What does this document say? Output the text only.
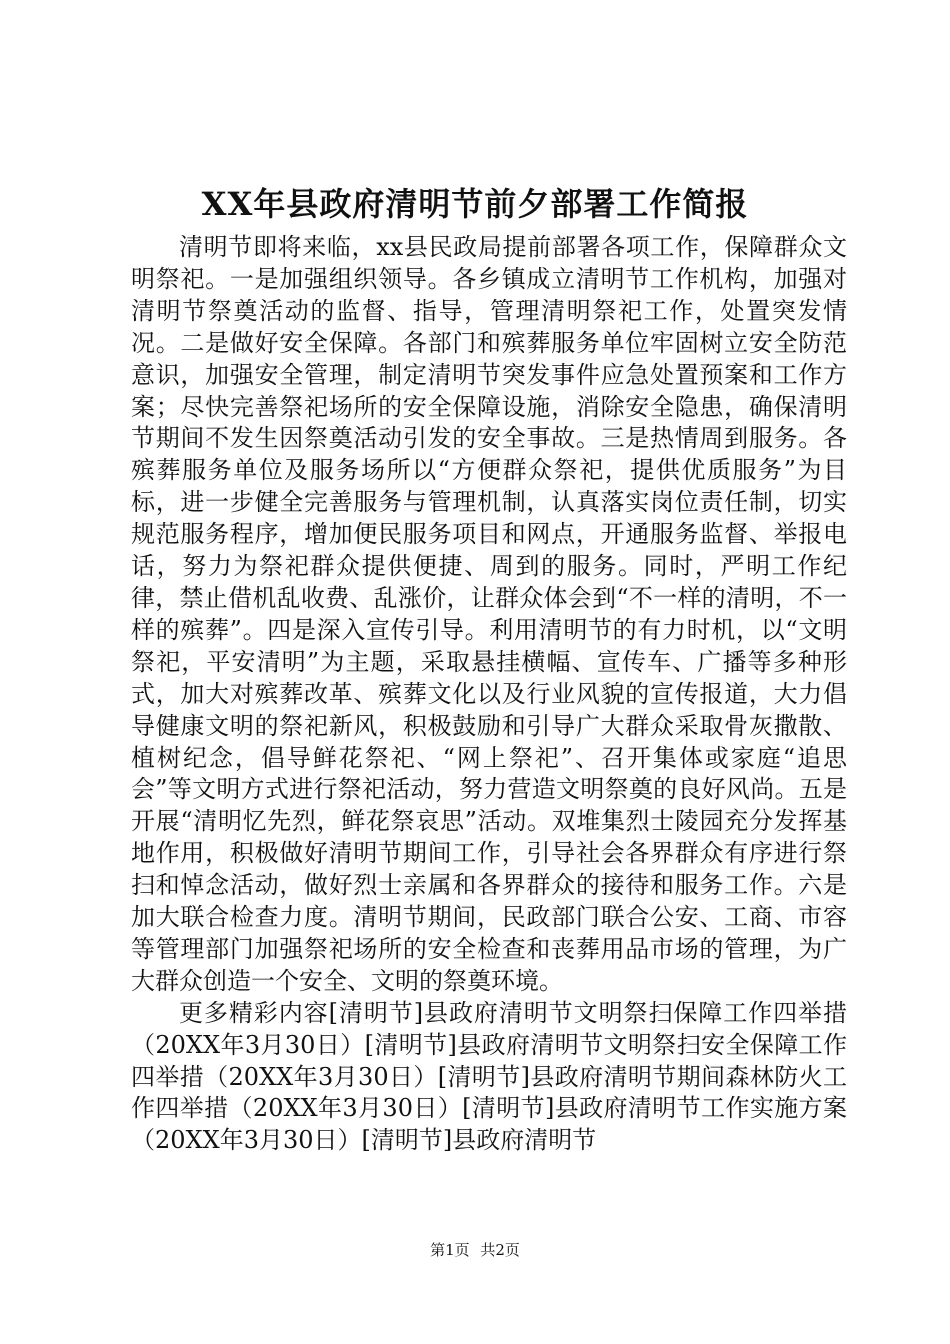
XX年县政府清明节前夕部署工作简报

清明节即将来临，xx县民政局提前部署各项工作，保障群众文明祭祀。一是加强组织领导。各乡镇成立清明节工作机构，加强对清明节祭奠活动的监督、指导，管理清明祭祀工作，处置突发情况。二是做好安全保障。各部门和殡葬服务单位牢固树立安全防范意识，加强安全管理，制定清明节突发事件应急处置预案和工作方案；尽快完善祭祀场所的安全保障设施，消除安全隐患，确保清明节期间不发生因祭奠活动引发的安全事故。三是热情周到服务。各殡葬服务单位及服务场所以“方便群众祭祀，提供优质服务”为目标，进一步健全完善服务与管理机制，认真落实岗位责任制，切实规范服务程序，增加便民服务项目和网点，开通服务监督、举报电话，努力为祭祀群众提供便捷、周到的服务。同时，严明工作纪律，禁止借机乱收费、乱涨价，让群众体会到“不一样的清明，不一样的殡葬”。四是深入宣传引导。利用清明节的有力时机，以“文明祭祀，平安清明”为主题，采取悬挂横幅、宣传车、广播等多种形式，加大对殡葬改革、殡葬文化以及行业风貌的宣传报道，大力倡导健康文明的祭祀新风，积极鼓励和引导广大群众采取骨灰撒散、植树纪念，倡导鲜花祭祀、“网上祭祀”、召开集体或家庭“追思会”等文明方式进行祭祀活动，努力营造文明祭奠的良好风尚。五是开展“清明忆先烈，鲜花祭哀思”活动。双堆集烈士陵园充分发挥基地作用，积极做好清明节期间工作，引导社会各界群众有序进行祭扫和悼念活动，做好烈士亲属和各界群众的接待和服务工作。六是加大联合检查力度。清明节期间，民政部门联合公安、工商、市容等管理部门加强祭祀场所的安全检查和丧葬用品市场的管理，为广大群众创造一个安全、文明的祭奠环境。

更多精彩内容[清明节]县政府清明节文明祭扫保障工作四举措（20XX年3月30日）[清明节]县政府清明节文明祭扫安全保障工作四举措（20XX年3月30日）[清明节]县政府清明节期间森林防火工作四举措（20XX年3月30日）[清明节]县政府清明节工作实施方案（20XX年3月30日）[清明节]县政府清明节

第1页 共2页
